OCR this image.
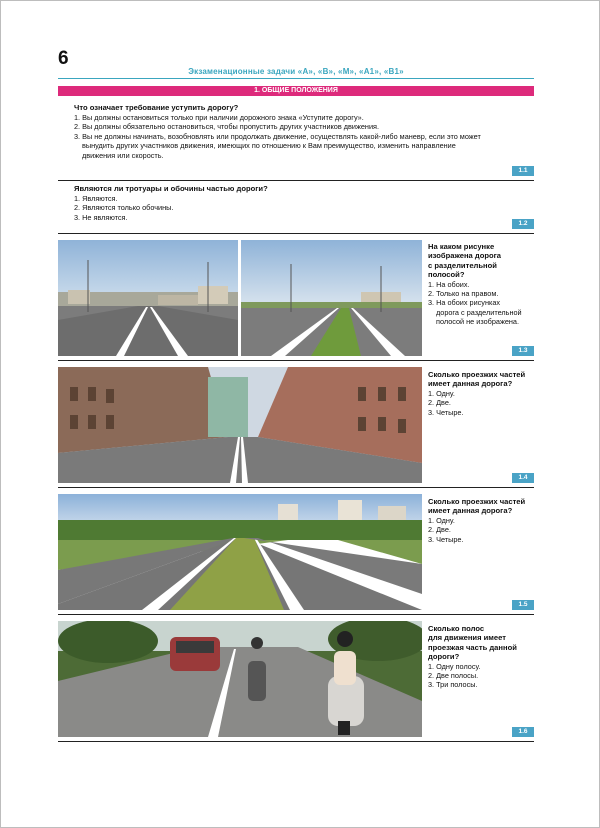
6
Экзаменационные задачи «А», «В», «М», «А1», «В1»
1. ОБЩИЕ ПОЛОЖЕНИЯ
Что означает требование уступить дорогу?
1. Вы должны остановиться только при наличии дорожного знака «Уступите дорогу».
2. Вы должны обязательно остановиться, чтобы пропустить других участников движения.
3. Вы не должны начинать, возобновлять или продолжать движение, осуществлять какой-либо маневр, если это может
вынудить других участников движения, имеющих по отношению к Вам преимущество, изменить направление
движения или скорость.
1.1
Являются ли тротуары и обочины частью дороги?
1. Являются.
2. Являются только обочины.
3. Не являются.
1.2
На каком рисунке
изображена дорога
с разделительной
полосой?
1. На обоих.
2. Только на правом.
3. На обоих рисунках
дорога с разделительной
полосой не изображена.
1.3
Сколько проезжих частей
имеет данная дорога?
1. Одну.
2. Две.
3. Четыре.
1.4
Сколько проезжих частей
имеет данная дорога?
1. Одну.
2. Две.
3. Четыре.
1.5
Сколько полос
для движения имеет
проезжая часть данной
дороги?
1. Одну полосу.
2. Две полосы.
3. Три полосы.
1.6
